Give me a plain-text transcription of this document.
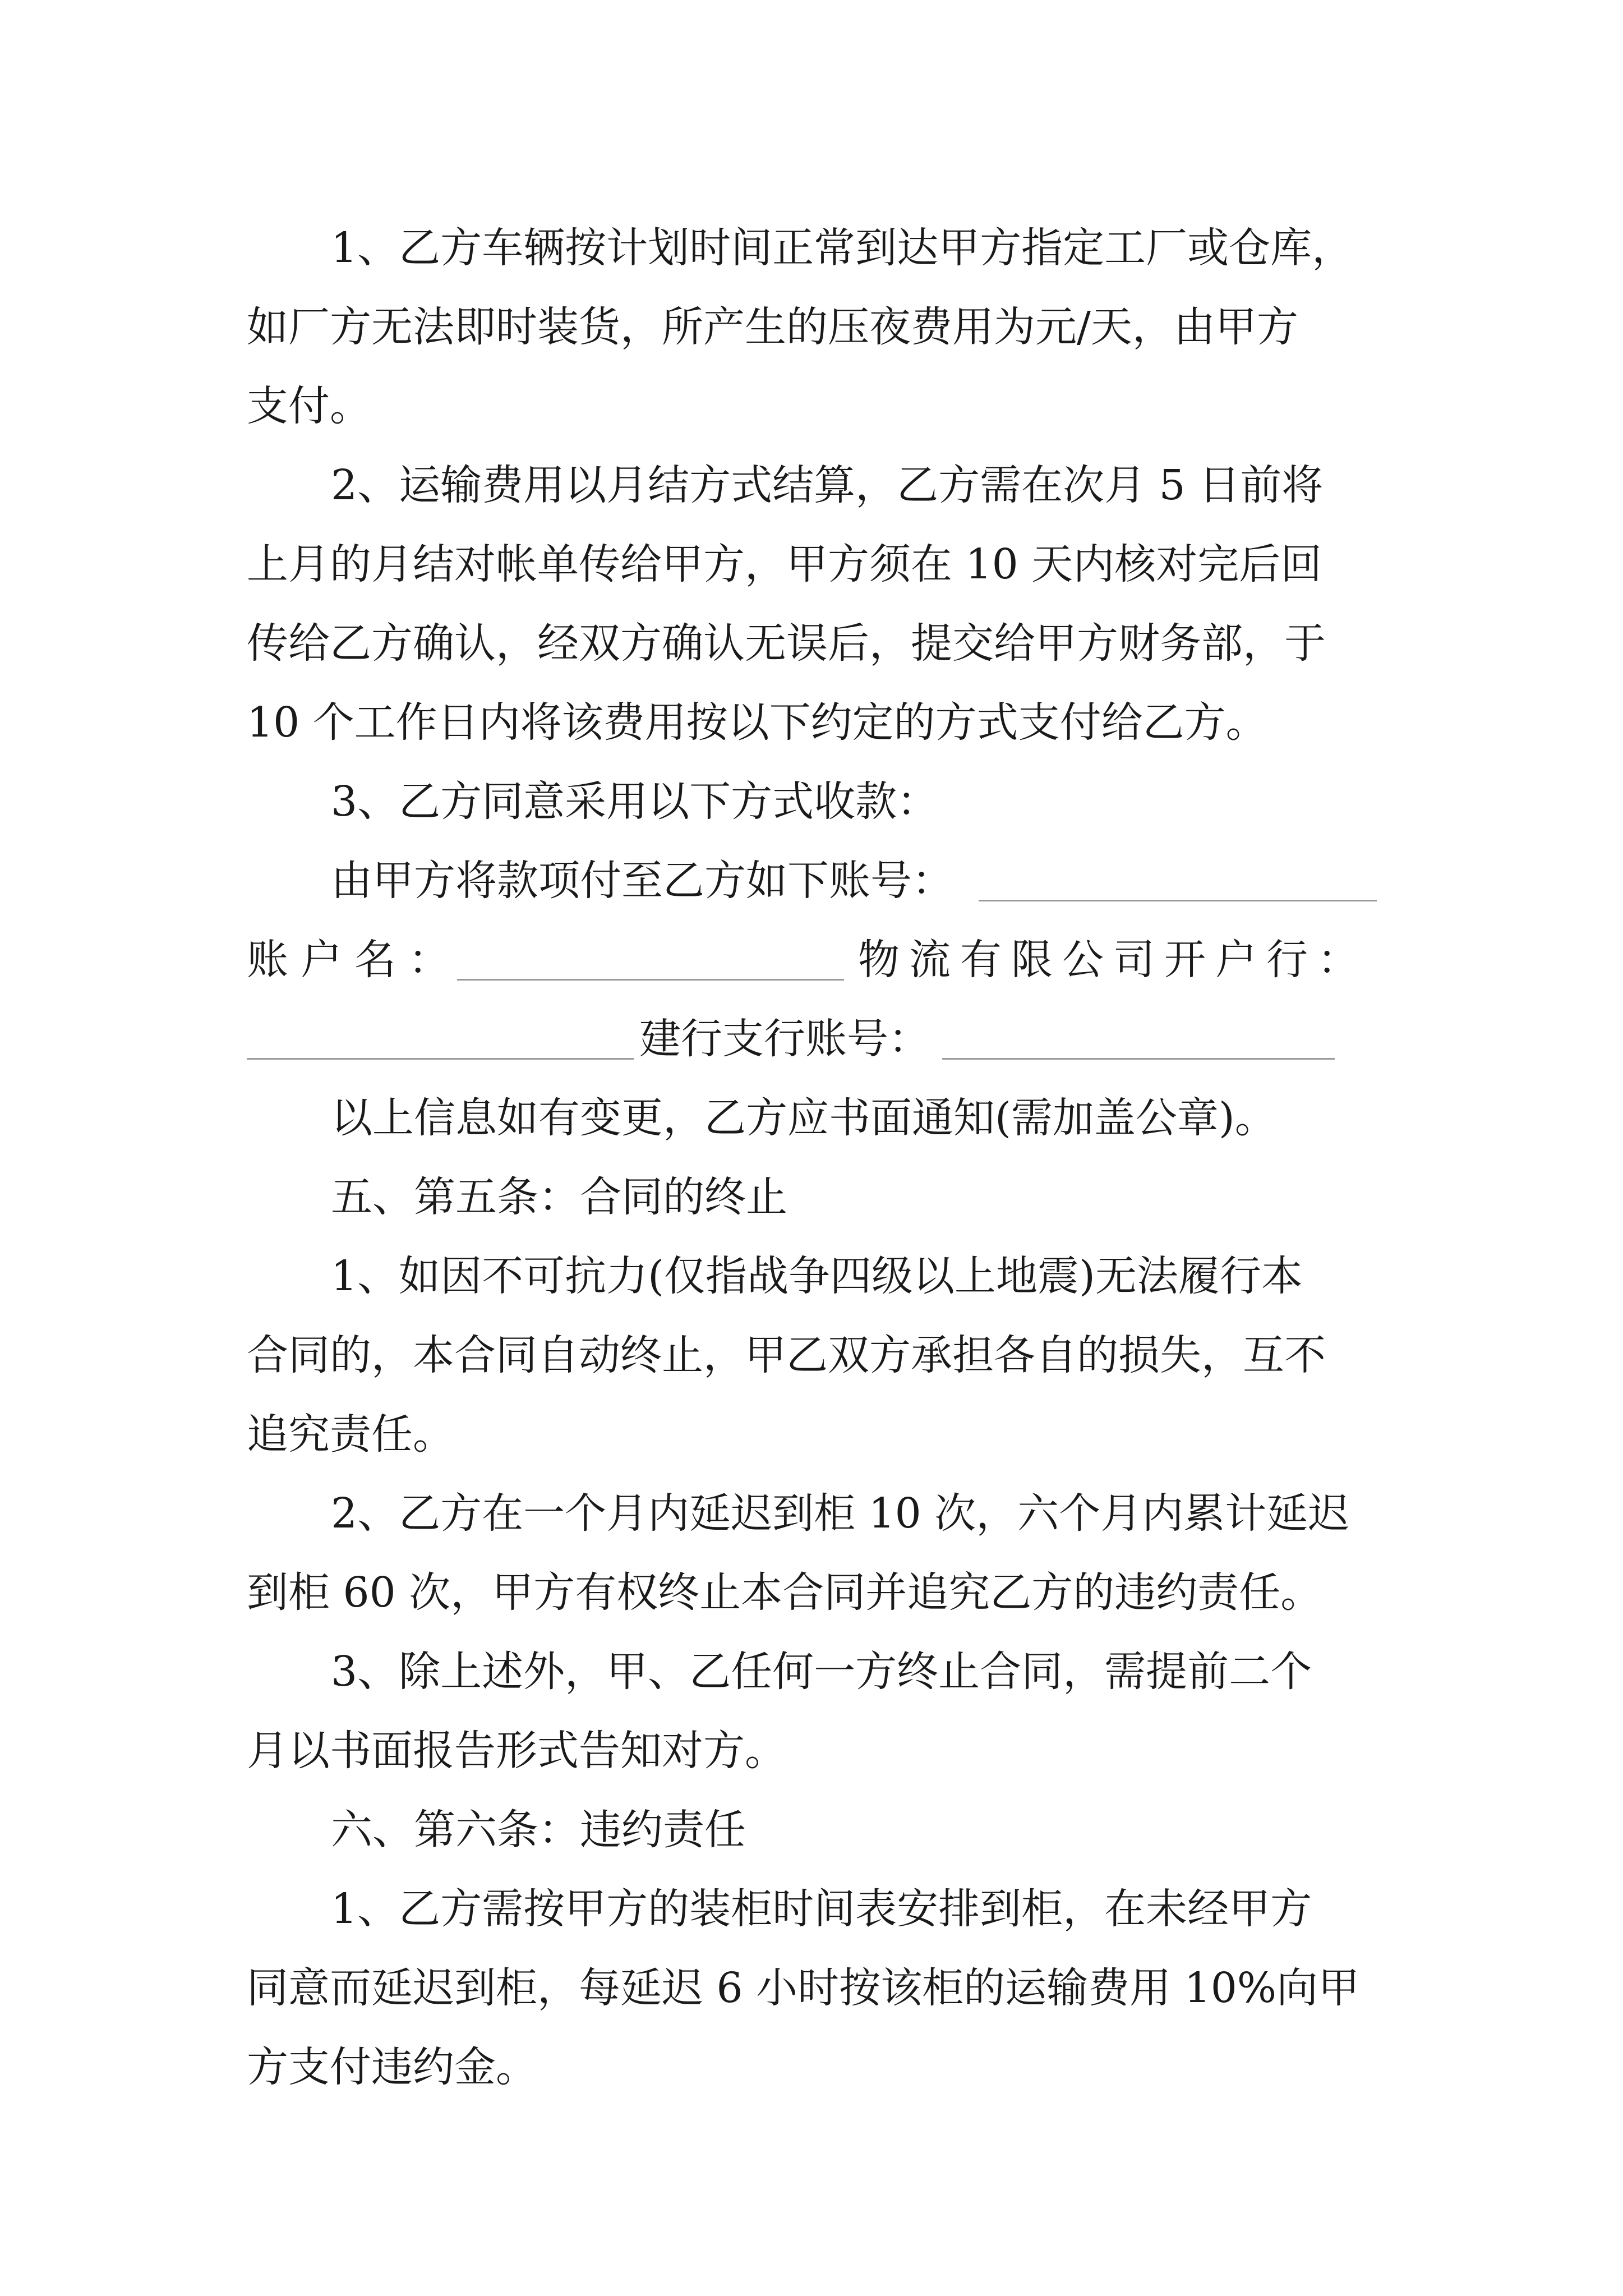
1、乙方车辆按计划时间正常到达甲方指定工厂或仓库，
如厂方无法即时装货，所产生的压夜费用为元/天，由甲方
支付。
2、运输费用以月结方式结算，乙方需在次月 5 日前将
上月的月结对帐单传给甲方，甲方须在 10 天内核对完后回
传给乙方确认，经双方确认无误后，提交给甲方财务部，于
10 个工作日内将该费用按以下约定的方式支付给乙方。
3、乙方同意采用以下方式收款：
由甲方将款项付至乙方如下账号：
账户名：	物流有限公司开户行：
建行支行账号：
以上信息如有变更，乙方应书面通知(需加盖公章)。
五、第五条：合同的终止
1、如因不可抗力(仅指战争四级以上地震)无法履行本
合同的，本合同自动终止，甲乙双方承担各自的损失，互不
追究责任。
2、乙方在一个月内延迟到柜 10 次，六个月内累计延迟
到柜 60 次，甲方有权终止本合同并追究乙方的违约责任。
3、除上述外，甲、乙任何一方终止合同，需提前二个
月以书面报告形式告知对方。
六、第六条：违约责任
1、乙方需按甲方的装柜时间表安排到柜，在未经甲方
同意而延迟到柜，每延迟 6 小时按该柜的运输费用 10%向甲
方支付违约金。
